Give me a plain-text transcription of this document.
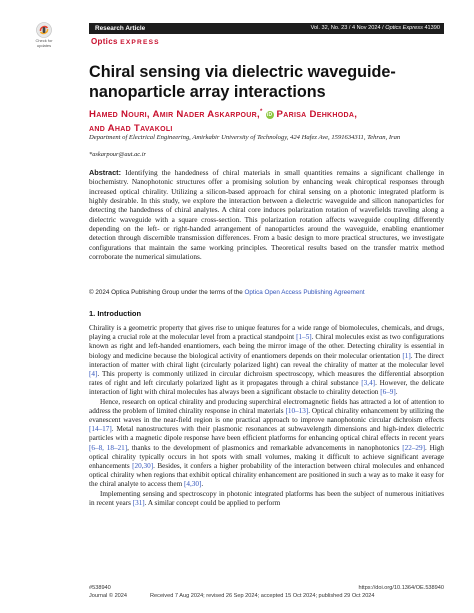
Research Article	Vol. 32, No. 23 / 4 Nov 2024 / Optics Express 41390
Optics EXPRESS
Check for updates
Chiral sensing via dielectric waveguide-nanoparticle array interactions
Hamed Nouri, Amir Nader Askarpour,* iD Parisa Dehkhoda,
and Ahad Tavakoli
Department of Electrical Engineering, Amirkabir University of Technology, 424 Hafez Ave, 1591634311, Tehran, Iran
*askarpour@aut.ac.ir
Abstract: Identifying the handedness of chiral materials in small quantities remains a significant challenge in biochemistry. Nanophotonic structures offer a promising solution by enhancing weak chiroptical responses through increased optical chirality. Utilizing a silicon-based approach for chiral sensing on a photonic integrated platform is highly desirable. In this study, we explore the interaction between a dielectric waveguide and silicon nanoparticles for detecting the handedness of chiral analytes. A chiral core induces polarization rotation of wavefields traveling along a dielectric waveguide with a square cross-section. This polarization rotation affects waveguide coupling differently depending on the left- or right-handed arrangement of nanoparticles around the waveguide, enabling enantiomer detection through discernible transmission differences. From a basic design to more practical structures, we investigate configurations that maintain the same working principles. Theoretical results based on the transfer matrix method corroborate the numerical simulations.
© 2024 Optica Publishing Group under the terms of the Optica Open Access Publishing Agreement
1. Introduction

Chirality is a geometric property that gives rise to unique features for a wide range of biomolecules, chemicals, and drugs, playing a crucial role at the molecular level from a practical standpoint [1–5]. Chiral molecules exist as two configurations known as right and left-handed enantiomers, each being the mirror image of the other. Detecting chirality is essential in biology and medicine because the biological activity of enantiomers depends on their molecular orientation [1]. The direct interaction of matter with chiral light (circularly polarized light) can reveal the chirality of matter at the molecular level [4]. This property is commonly utilized in circular dichroism spectroscopy, which measures the differential absorption rates of right and left circularly polarized light as it propagates through a chiral substance [3,4]. However, the delicate interaction of light with chiral molecules has always been a significant obstacle to chirality detection [6–9].

Hence, research on optical chirality and producing superchiral electromagnetic fields has attracted a lot of attention to address the problem of limited chirality response in chiral materials [10–13]. Optical chirality enhancement by utilizing the evanescent waves in the near-field region is one practical approach to improve nanophotonic circular dichroism effects [14–17]. Metal nanostructures with their plasmonic resonances at subwavelength dimensions and high-index dielectric particles with a magnetic dipole response have been efficient platforms for enhancing optical chiral effects in recent years [6–8, 18–21], thanks to the development of plasmonics and remarkable advancements in nanophotonics [22–29]. High optical chirality typically occurs in hot spots with small volumes, making it difficult to achieve significant average enhancements [20,30]. Besides, it confers a higher probability of the interaction between chiral molecules and enhanced optical chirality when regions that exhibit optical chirality enhancement are positioned in such a way as to make it easy for the chiral analyte to access them [4,30].

Implementing sensing and spectroscopy in photonic integrated platforms has been the subject of numerous initiatives in recent years [31]. A similar concept could be applied to perform

#538940	https://doi.org/10.1364/OE.538940
Journal © 2024	Received 7 Aug 2024; revised 26 Sep 2024; accepted 15 Oct 2024; published 29 Oct 2024
